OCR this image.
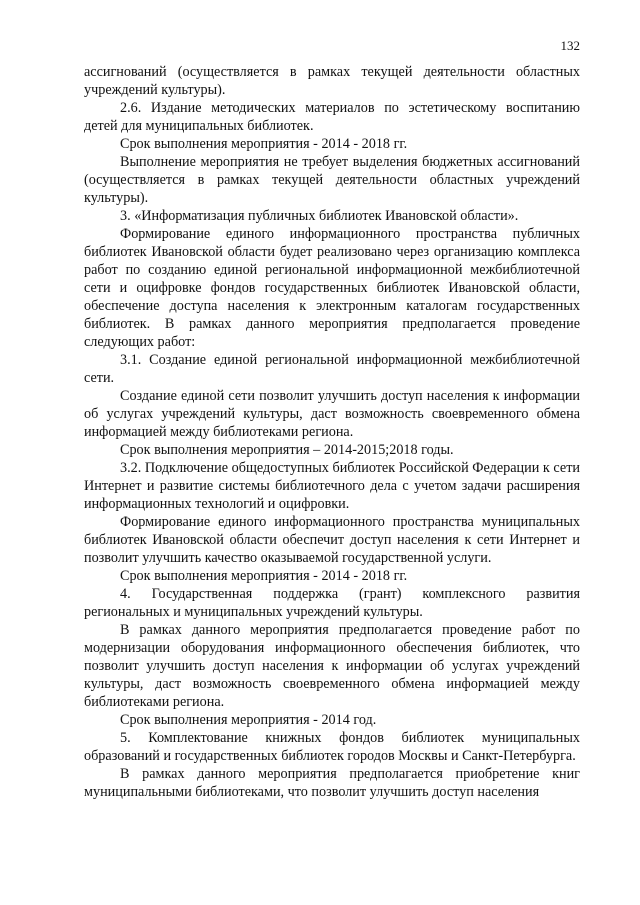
132

ассигнований (осуществляется в рамках текущей деятельности областных учреждений культуры).

2.6. Издание методических материалов по эстетическому воспитанию детей для муниципальных библиотек.

Срок выполнения мероприятия - 2014 - 2018 гг.

Выполнение мероприятия не требует выделения бюджетных ассигнований (осуществляется в рамках текущей деятельности областных учреждений культуры).

3. «Информатизация публичных библиотек Ивановской области».

Формирование единого информационного пространства публичных библиотек Ивановской области будет реализовано через организацию комплекса работ по созданию единой региональной информационной межбиблиотечной сети и оцифровке фондов государственных библиотек Ивановской области, обеспечение доступа населения к электронным каталогам государственных библиотек. В рамках данного мероприятия предполагается проведение следующих работ:

3.1. Создание единой региональной информационной межбиблиотечной сети.

Создание единой сети позволит улучшить доступ населения к информации об услугах учреждений культуры, даст возможность своевременного обмена информацией между библиотеками региона.

Срок выполнения мероприятия – 2014-2015;2018 годы.

3.2. Подключение общедоступных библиотек Российской Федерации к сети Интернет и развитие системы библиотечного дела с учетом задачи расширения информационных технологий и оцифровки.

Формирование единого информационного пространства муниципальных библиотек Ивановской области обеспечит доступ населения к сети Интернет и позволит улучшить качество оказываемой государственной услуги.

Срок выполнения мероприятия - 2014 - 2018 гг.

4. Государственная поддержка (грант) комплексного развития региональных и муниципальных учреждений культуры.

В рамках данного мероприятия предполагается проведение работ по модернизации оборудования информационного обеспечения библиотек, что позволит улучшить доступ населения к информации об услугах учреждений культуры, даст возможность своевременного обмена информацией между библиотеками региона.

Срок выполнения мероприятия - 2014 год.

5. Комплектование книжных фондов библиотек муниципальных образований и государственных библиотек городов Москвы и Санкт-Петербурга.

В рамках данного мероприятия предполагается приобретение книг муниципальными библиотеками, что позволит улучшить доступ населения
